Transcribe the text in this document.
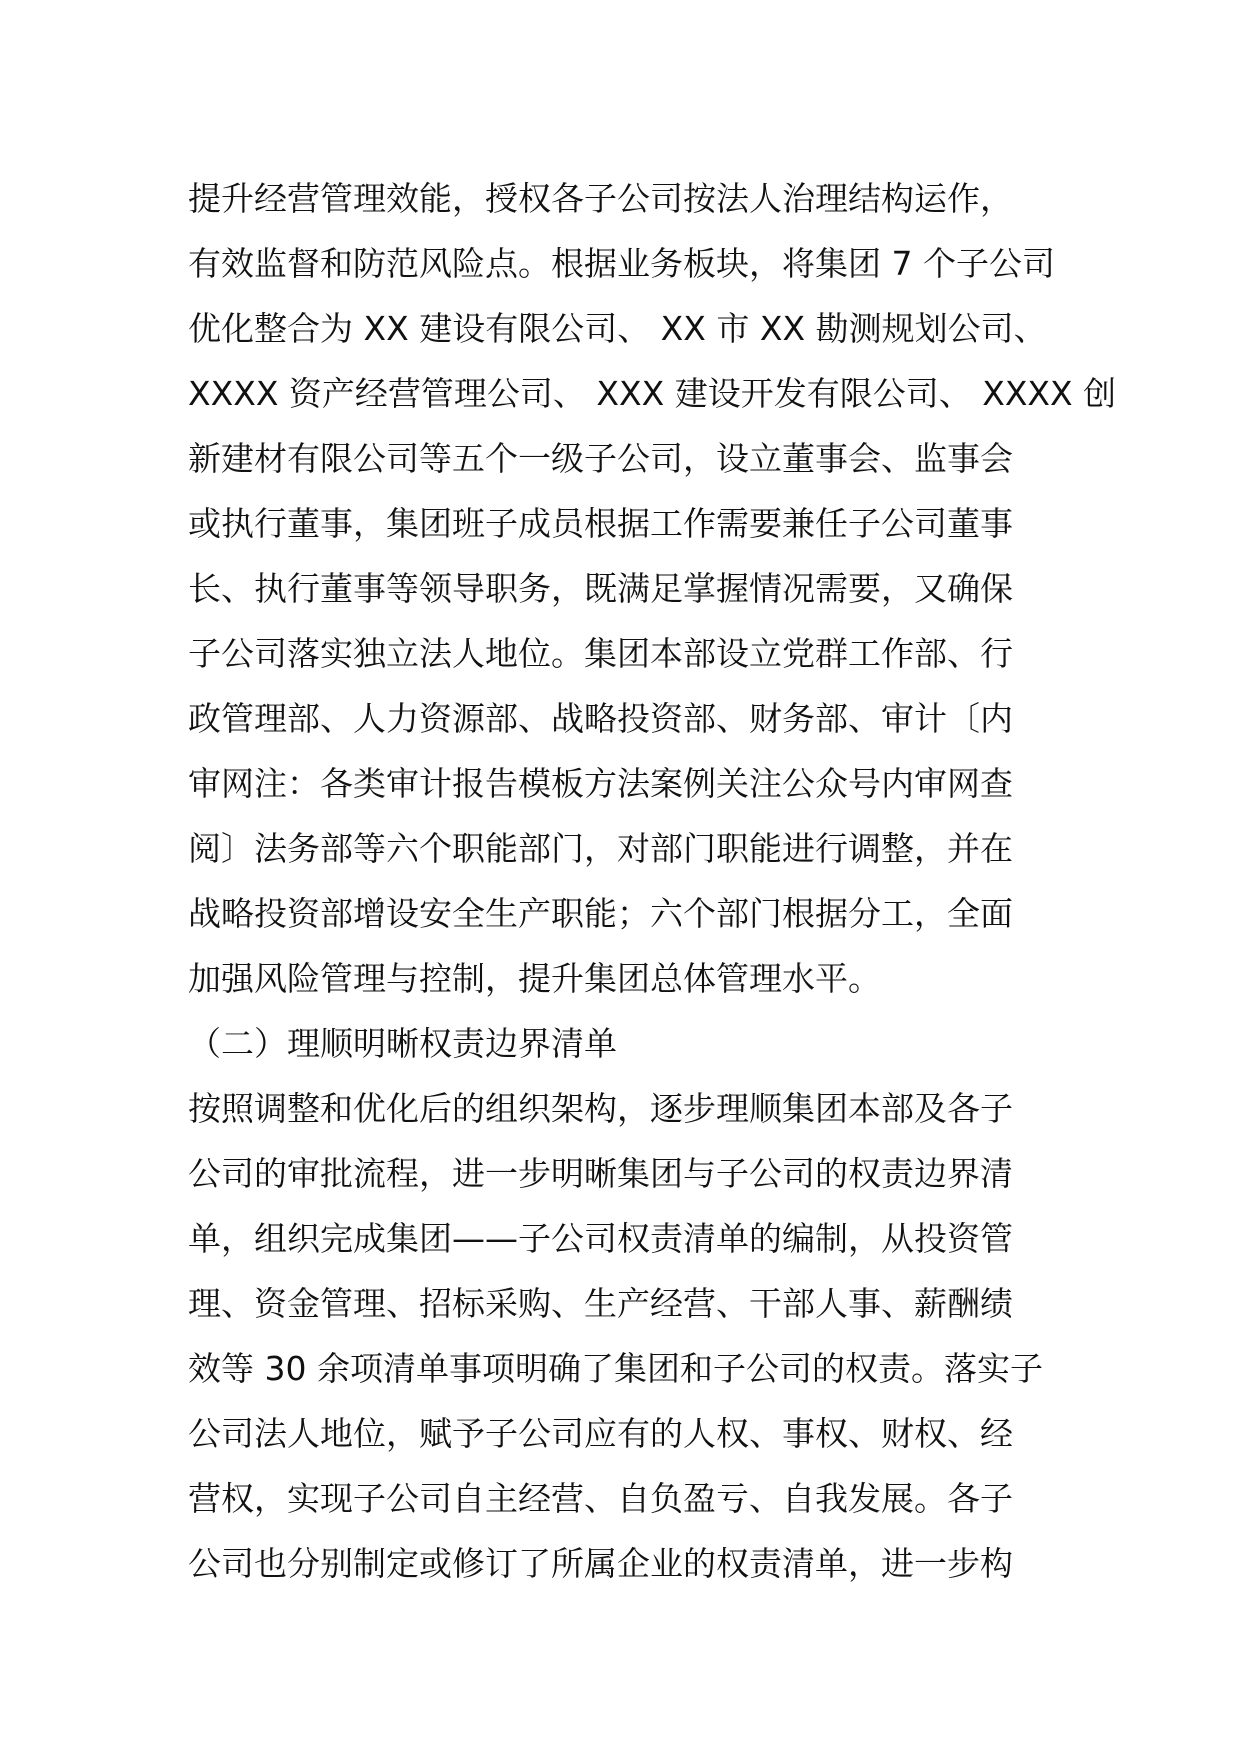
提升经营管理效能，授权各子公司按法人治理结构运作，
有效监督和防范风险点。根据业务板块，将集团 7 个子公司
优化整合为 XX 建设有限公司、 XX 市 XX 勘测规划公司、
XXXX 资产经营管理公司、 XXX 建设开发有限公司、 XXXX 创
新建材有限公司等五个一级子公司，设立董事会、监事会
或执行董事，集团班子成员根据工作需要兼任子公司董事
长、执行董事等领导职务，既满足掌握情况需要，又确保
子公司落实独立法人地位。集团本部设立党群工作部、行
政管理部、人力资源部、战略投资部、财务部、审计〔内
审网注：各类审计报告模板方法案例关注公众号内审网查
阅〕法务部等六个职能部门，对部门职能进行调整，并在
战略投资部增设安全生产职能；六个部门根据分工，全面
加强风险管理与控制，提升集团总体管理水平。
（二）理顺明晰权责边界清单
按照调整和优化后的组织架构，逐步理顺集团本部及各子
公司的审批流程，进一步明晰集团与子公司的权责边界清
单，组织完成集团——子公司权责清单的编制，从投资管
理、资金管理、招标采购、生产经营、干部人事、薪酬绩
效等 30 余项清单事项明确了集团和子公司的权责。落实子
公司法人地位，赋予子公司应有的人权、事权、财权、经
营权，实现子公司自主经营、自负盈亏、自我发展。各子
公司也分别制定或修订了所属企业的权责清单，进一步构
